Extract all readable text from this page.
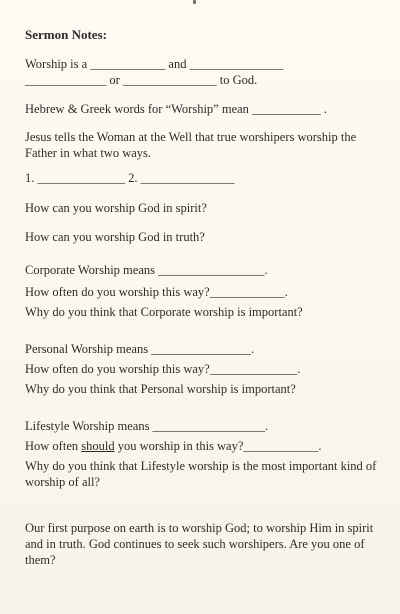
Sermon Notes:
Worship is a ____________ and _______________
_____________ or _______________ to God.
Hebrew & Greek words for “Worship” mean ___________ .
Jesus tells the Woman at the Well that true worshipers worship the Father in what two ways.
1. ______________ 2. _______________
How can you worship God in spirit?
How can you worship God in truth?
Corporate Worship means _________________.
How often do you worship this way?____________.
Why do you think that Corporate worship is important?
Personal Worship means ________________.
How often do you worship this way?______________.
Why do you think that Personal worship is important?
Lifestyle Worship means __________________.
How often should you worship in this way?____________.
Why do you think that Lifestyle worship is the most important kind of worship of all?
Our first purpose on earth is to worship God; to worship Him in spirit and in truth. God continues to seek such worshipers. Are you one of them?
